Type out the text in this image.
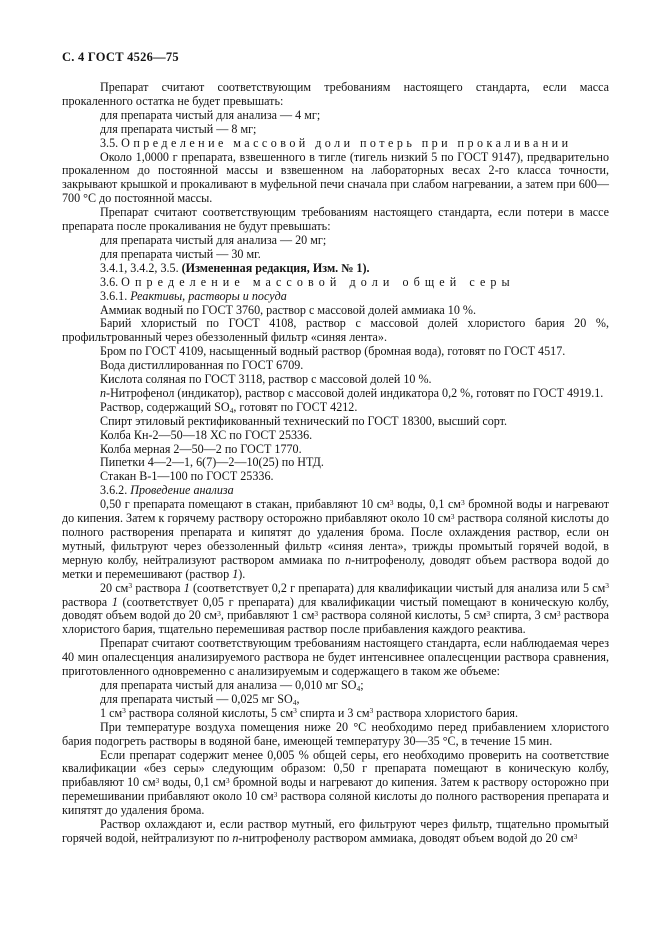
С. 4 ГОСТ 4526—75

Препарат считают соответствующим требованиям настоящего стандарта, если масса прокаленного остатка не будет превышать:

для препарата чистый для анализа — 4 мг;

для препарата чистый — 8 мг;

3.5. Определение массовой доли потерь при прокаливании

Около 1,0000 г препарата, взвешенного в тигле (тигель низкий 5 по ГОСТ 9147), предварительно прокаленном до постоянной массы и взвешенном на лабораторных весах 2-го класса точности, закрывают крышкой и прокаливают в муфельной печи сначала при слабом нагревании, а затем при 600—700 °С до постоянной массы.

Препарат считают соответствующим требованиям настоящего стандарта, если потери в массе препарата после прокаливания не будут превышать:

для препарата чистый для анализа — 20 мг;

для препарата чистый — 30 мг.

3.4.1, 3.4.2, 3.5. (Измененная редакция, Изм. № 1).

3.6. Определение массовой доли общей серы

3.6.1. Реактивы, растворы и посуда

Аммиак водный по ГОСТ 3760, раствор с массовой долей аммиака 10 %.

Барий хлористый по ГОСТ 4108, раствор с массовой долей хлористого бария 20 %, профильтрованный через обеззоленный фильтр «синяя лента».

Бром по ГОСТ 4109, насыщенный водный раствор (бромная вода), готовят по ГОСТ 4517.

Вода дистиллированная по ГОСТ 6709.

Кислота соляная по ГОСТ 3118, раствор с массовой долей 10 %.

п-Нитрофенол (индикатор), раствор с массовой долей индикатора 0,2 %, готовят по ГОСТ 4919.1.

Раствор, содержащий SO4, готовят по ГОСТ 4212.

Спирт этиловый ректификованный технический по ГОСТ 18300, высший сорт.

Колба Кн-2—50—18 ХС по ГОСТ 25336.

Колба мерная 2—50—2 по ГОСТ 1770.

Пипетки 4—2—1, 6(7)—2—10(25) по НТД.

Стакан В-1—100 по ГОСТ 25336.

3.6.2. Проведение анализа

0,50 г препарата помещают в стакан, прибавляют 10 $см^3$ воды, 0,1 $см^3$ бромной воды и нагревают до кипения. Затем к горячему раствору осторожно прибавляют около 10 $см^3$ раствора соляной кислоты до полного растворения препарата и кипятят до удаления брома. После охлаждения раствор, если он мутный, фильтруют через обеззоленный фильтр «синяя лента», трижды промытый горячей водой, в мерную колбу, нейтрализуют раствором аммиака по п-нитрофенолу, доводят объем раствора водой до метки и перемешивают (раствор 1).

20 $см^3$ раствора 1 (соответствует 0,2 г препарата) для квалификации чистый для анализа или 5 $см^3$ раствора 1 (соответствует 0,05 г препарата) для квалификации чистый помещают в коническую колбу, доводят объем водой до 20 $см^3$, прибавляют 1 $см^3$ раствора соляной кислоты, 5 $см^3$ спирта, 3 $см^3$ раствора хлористого бария, тщательно перемешивая раствор после прибавления каждого реактива.

Препарат считают соответствующим требованиям настоящего стандарта, если наблюдаемая через 40 мин опалесценция анализируемого раствора не будет интенсивнее опалесценции раствора сравнения, приготовленного одновременно с анализируемым и содержащего в таком же объеме:

для препарата чистый для анализа — 0,010 мг SO4;

для препарата чистый — 0,025 мг SO4,

1 $см^3$ раствора соляной кислоты, 5 $см^3$ спирта и 3 $см^3$ раствора хлористого бария.

При температуре воздуха помещения ниже 20 °С необходимо перед прибавлением хлористого бария подогреть растворы в водяной бане, имеющей температуру 30—35 °С, в течение 15 мин.

Если препарат содержит менее 0,005 % общей серы, его необходимо проверить на соответствие квалификации «без серы» следующим образом: 0,50 г препарата помещают в коническую колбу, прибавляют 10 $см^3$ воды, 0,1 $см^3$ бромной воды и нагревают до кипения. Затем к раствору осторожно при перемешивании прибавляют около 10 $см^3$ раствора соляной кислоты до полного растворения препарата и кипятят до удаления брома.

Раствор охлаждают и, если раствор мутный, его фильтруют через фильтр, тщательно промытый горячей водой, нейтрализуют по п-нитрофенолу раствором аммиака, доводят объем водой до 20 $см^3$
